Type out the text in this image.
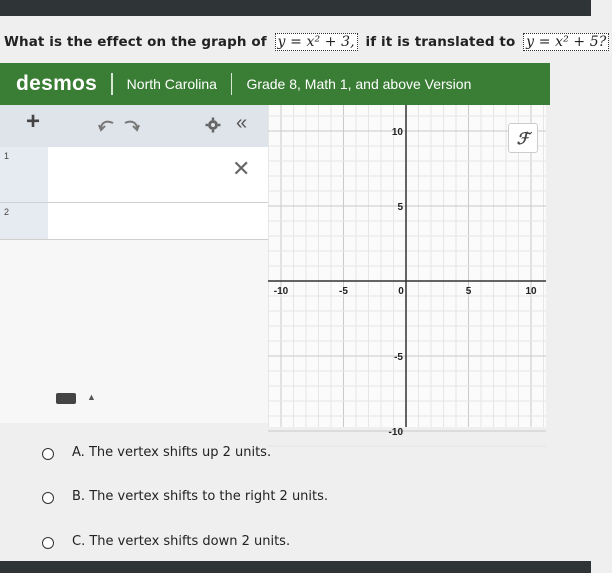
What is the effect on the graph of y = x² + 3, if it is translated to y = x² + 5?
desmos North Carolina Grade 8, Math 1, and above Version
+	«
1	✕
2
▲
-10	-5	0	5	10
10
5
-5
-10
ℱ
A. The vertex shifts up 2 units.
B. The vertex shifts to the right 2 units.
C. The vertex shifts down 2 units.
